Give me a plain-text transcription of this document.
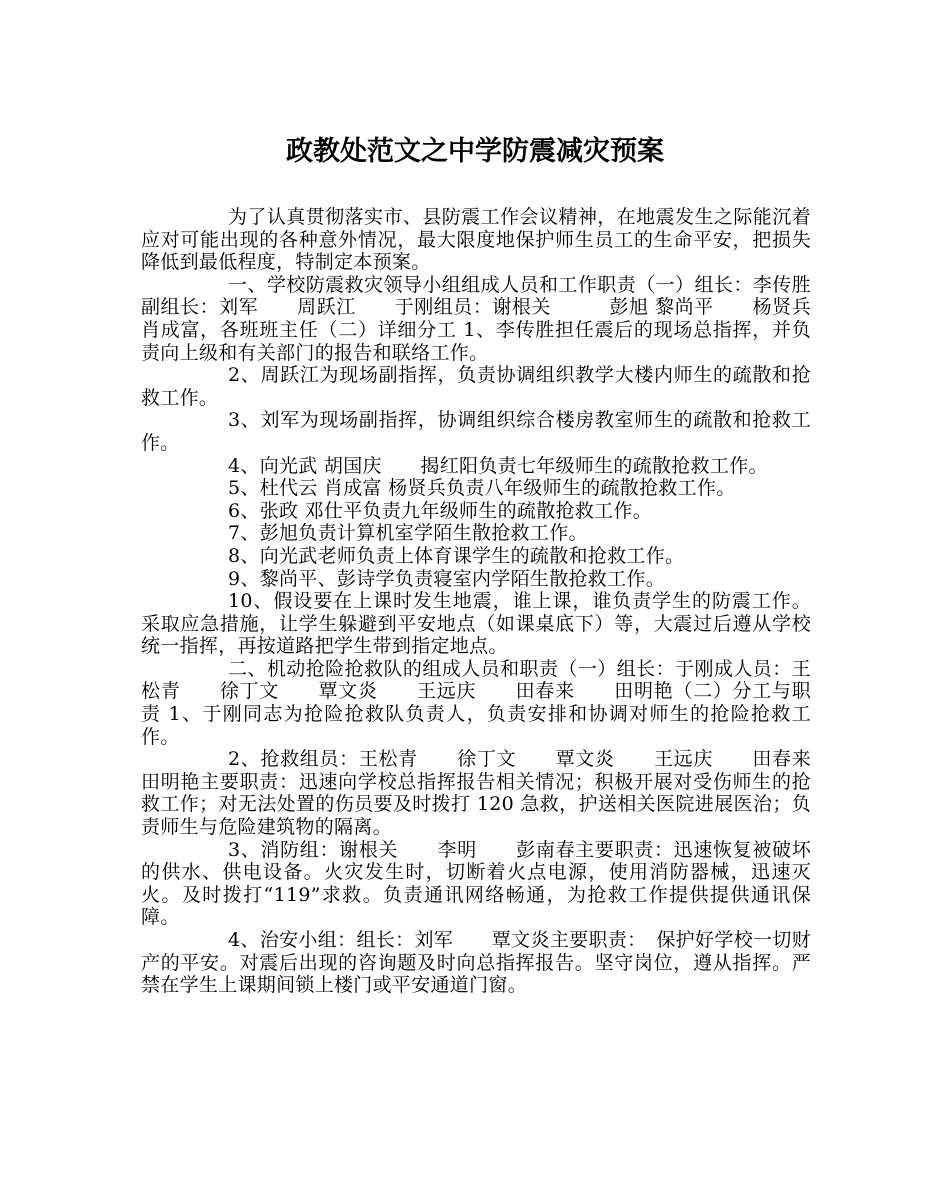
政教处范文之中学防震减灾预案

为了认真贯彻落实市、县防震工作会议精神，在地震发生之际能沉着应对可能出现的各种意外情况，最大限度地保护师生员工的生命平安，把损失降低到最低程度，特制定本预案。

一、学校防震救灾领导小组组成人员和工作职责（一）组长：李传胜　　副组长：刘军　　周跃江　　于刚组员：谢根关　　　彭旭 黎尚平　　杨贤兵　　肖成富，各班班主任（二）详细分工 1、李传胜担任震后的现场总指挥，并负责向上级和有关部门的报告和联络工作。

2、周跃江为现场副指挥，负责协调组织教学大楼内师生的疏散和抢救工作。

3、刘军为现场副指挥，协调组织综合楼房教室师生的疏散和抢救工作。

4、向光武 胡国庆　　揭红阳负责七年级师生的疏散抢救工作。

5、杜代云 肖成富 杨贤兵负责八年级师生的疏散抢救工作。

6、张政 邓仕平负责九年级师生的疏散抢救工作。

7、彭旭负责计算机室学陌生散抢救工作。

8、向光武老师负责上体育课学生的疏散和抢救工作。

9、黎尚平、彭诗学负责寝室内学陌生散抢救工作。

10、假设要在上课时发生地震，谁上课，谁负责学生的防震工作。采取应急措施，让学生躲避到平安地点（如课桌底下）等，大震过后遵从学校统一指挥，再按道路把学生带到指定地点。

二、机动抢险抢救队的组成人员和职责（一）组长：于刚成人员：王松青　　徐丁文　　覃文炎　　王远庆　　田春来　　田明艳（二）分工与职责 1、于刚同志为抢险抢救队负责人，负责安排和协调对师生的抢险抢救工作。

2、抢救组员：王松青　　徐丁文　　覃文炎　　王远庆　　田春来田明艳主要职责：迅速向学校总指挥报告相关情况；积极开展对受伤师生的抢救工作；对无法处置的伤员要及时拨打 120 急救，护送相关医院进展医治；负责师生与危险建筑物的隔离。

3、消防组：谢根关　　李明　　彭南春主要职责：迅速恢复被破坏的供水、供电设备。火灾发生时，切断着火点电源，使用消防器械，迅速灭火。及时拨打“119”求救。负责通讯网络畅通，为抢救工作提供提供通讯保障。

4、治安小组：组长：刘军　　覃文炎主要职责：　保护好学校一切财产的平安。对震后出现的咨询题及时向总指挥报告。坚守岗位，遵从指挥。严禁在学生上课期间锁上楼门或平安通道门窗。
